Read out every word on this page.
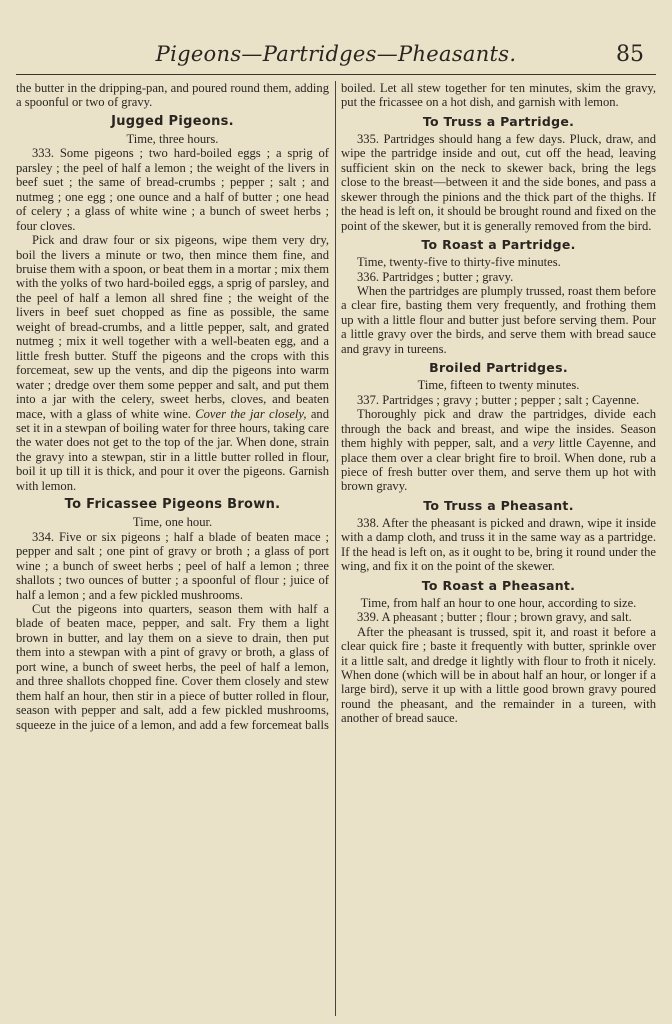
Pigeons—Partridges—Pheasants.	85

the butter in the dripping-pan, and poured round them, adding a spoonful or two of gravy.

Jugged Pigeons.

Time, three hours.

333. Some pigeons ; two hard-boiled eggs ; a sprig of parsley ; the peel of half a lemon ; the weight of the livers in beef suet ; the same of bread-crumbs ; pepper ; salt ; and nutmeg ; one egg ; one ounce and a half of butter ; one head of celery ; a glass of white wine ; a bunch of sweet herbs ; four cloves.

Pick and draw four or six pigeons, wipe them very dry, boil the livers a minute or two, then mince them fine, and bruise them with a spoon, or beat them in a mortar ; mix them with the yolks of two hard-boiled eggs, a sprig of parsley, and the peel of half a lemon all shred fine ; the weight of the livers in beef suet chopped as fine as possible, the same weight of bread-crumbs, and a little pepper, salt, and grated nutmeg ; mix it well together with a well-beaten egg, and a little fresh butter. Stuff the pigeons and the crops with this forcemeat, sew up the vents, and dip the pigeons into warm water ; dredge over them some pepper and salt, and put them into a jar with the celery, sweet herbs, cloves, and beaten mace, with a glass of white wine. Cover the jar closely, and set it in a stewpan of boiling water for three hours, taking care the water does not get to the top of the jar. When done, strain the gravy into a stewpan, stir in a little butter rolled in flour, boil it up till it is thick, and pour it over the pigeons. Garnish with lemon.

To Fricassee Pigeons Brown.

Time, one hour.

334. Five or six pigeons ; half a blade of beaten mace ; pepper and salt ; one pint of gravy or broth ; a glass of port wine ; a bunch of sweet herbs ; peel of half a lemon ; three shallots ; two ounces of butter ; a spoonful of flour ; juice of half a lemon ; and a few pickled mushrooms.

Cut the pigeons into quarters, season them with half a blade of beaten mace, pepper, and salt. Fry them a light brown in butter, and lay them on a sieve to drain, then put them into a stewpan with a pint of gravy or broth, a glass of port wine, a bunch of sweet herbs, the peel of half a lemon, and three shallots chopped fine. Cover them closely and stew them half an hour, then stir in a piece of butter rolled in flour, season with pepper and salt, add a few pickled mushrooms, squeeze in the juice of a lemon, and add a few forcemeat balls

boiled. Let all stew together for ten minutes, skim the gravy, put the fricassee on a hot dish, and garnish with lemon.

To Truss a Partridge.

335. Partridges should hang a few days. Pluck, draw, and wipe the partridge inside and out, cut off the head, leaving sufficient skin on the neck to skewer back, bring the legs close to the breast—between it and the side bones, and pass a skewer through the pinions and the thick part of the thighs. If the head is left on, it should be brought round and fixed on the point of the skewer, but it is generally removed from the bird.

To Roast a Partridge.

Time, twenty-five to thirty-five minutes.

336. Partridges ; butter ; gravy.

When the partridges are plumply trussed, roast them before a clear fire, basting them very frequently, and frothing them up with a little flour and butter just before serving them. Pour a little gravy over the birds, and serve them with bread sauce and gravy in tureens.

Broiled Partridges.

Time, fifteen to twenty minutes.

337. Partridges ; gravy ; butter ; pepper ; salt ; Cayenne.

Thoroughly pick and draw the partridges, divide each through the back and breast, and wipe the insides. Season them highly with pepper, salt, and a very little Cayenne, and place them over a clear bright fire to broil. When done, rub a piece of fresh butter over them, and serve them up hot with brown gravy.

To Truss a Pheasant.

338. After the pheasant is picked and drawn, wipe it inside with a damp cloth, and truss it in the same way as a partridge. If the head is left on, as it ought to be, bring it round under the wing, and fix it on the point of the skewer.

To Roast a Pheasant.

Time, from half an hour to one hour, according to size.

339. A pheasant ; butter ; flour ; brown gravy, and salt.

After the pheasant is trussed, spit it, and roast it before a clear quick fire ; baste it frequently with butter, sprinkle over it a little salt, and dredge it lightly with flour to froth it nicely. When done (which will be in about half an hour, or longer if a large bird), serve it up with a little good brown gravy poured round the pheasant, and the remainder in a tureen, with another of bread sauce.
